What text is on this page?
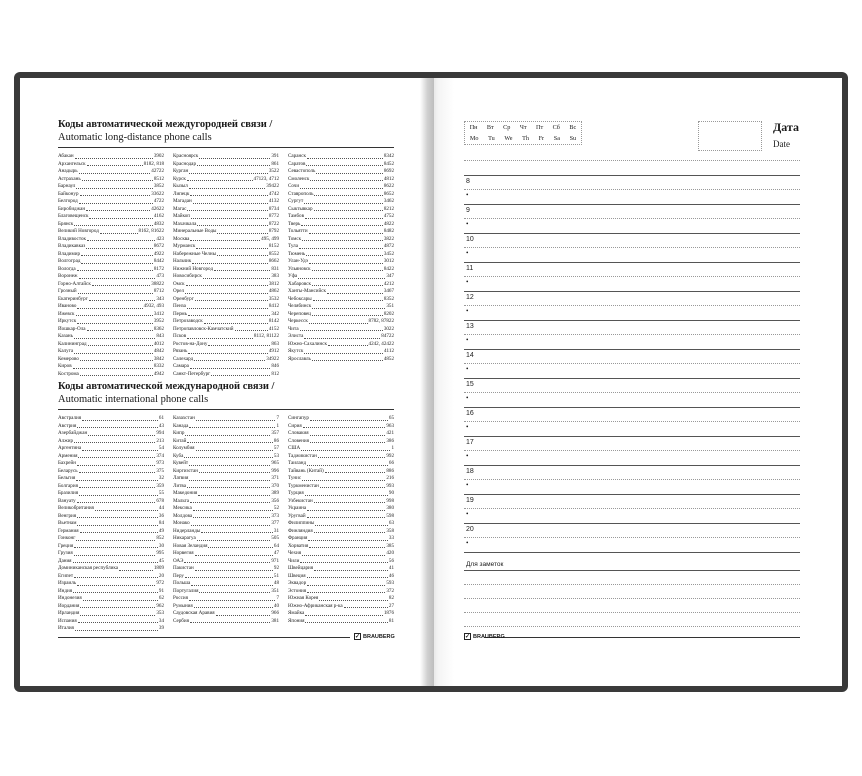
Коды автоматической междугородней связи /
Automatic long-distance phone calls
Абакан	3902
Архангельск	8182, 818
Анадырь	42722
Астрахань	8512
Барнаул	3852
Байконур	33622
Белгород	4722
Биробиджан	42622
Благовещенск	4162
Брянск	4832
Великий Новгород	8162, 81622
Владивосток	423
Владикавказ	8672
Владимир	4922
Волгоград	8442
Вологда	8172
Воронеж	473
Горно-Алтайск	38822
Грозный	8712
Екатеринбург	343
Иваново	4932, 493
Ижевск	3412
Иркутск	3952
Йошкар-Ола	8362
Казань	843
Калининград	4012
Калуга	4842
Кемерово	3842
Киров	8332
Кострома	4942
Красноярск	391
Краснодар	861
Курган	3522
Курск	47123, 4712
Кызыл	39422
Липецк	4742
Магадан	4132
Магас	8734
Майкоп	8772
Махачкала	8722
Минеральные Воды	8792
Москва	495, 499
Мурманск	8152
Набережные Челны	8552
Нальчик	8662
Нижний Новгород	831
Новосибирск	383
Омск	3812
Орел	4862
Оренбург	3532
Пенза	8412
Пермь	342
Петрозаводск	8142
Петропавловск-Камчатский	4152
Псков	8112, 81122
Ростов-на-Дону	863
Рязань	4912
Салехард	34922
Самара	846
Санкт-Петербург	812
Саранск	8342
Саратов	8452
Севастополь	8692
Смоленск	4812
Сочи	8622
Ставрополь	8652
Сургут	3462
Сыктывкар	8212
Тамбов	4752
Тверь	4822
Тольятти	8482
Томск	3822
Тула	4872
Тюмень	3452
Улан-Удэ	3012
Ульяновск	8422
Уфа	347
Хабаровск	4212
Ханты-Мансийск	3467
Чебоксары	8352
Челябинск	351
Череповец	8202
Черкесск	8782, 87822
Чита	3022
Элиста	84722
Южно-Сахалинск	4242, 42422
Якутск	4112
Ярославль	4852
Коды автоматической международной связи /
Automatic international phone calls
Австралия	61
Австрия	43
Азербайджан	994
Алжир	213
Аргентина	54
Армения	374
Бахрейн	973
Беларусь	375
Бельгия	32
Болгария	359
Бразилия	55
Вануату	678
Великобритания	44
Венгрия	36
Вьетнам	84
Германия	49
Гонконг	852
Греция	30
Грузия	995
Дания	45
Доминиканская республика	1809
Египет	20
Израиль	972
Индия	91
Индонезия	62
Иордания	962
Ирландия	353
Испания	34
Италия	39
Казахстан	7
Канада	1
Кипр	357
Китай	86
Колумбия	57
Куба	53
Кувейт	965
Киргизстан	996
Латвия	371
Литва	370
Македония	389
Мальта	356
Мексика	52
Молдова	373
Монако	377
Нидерланды	31
Никарагуа	505
Новая Зеландия	64
Норвегия	47
ОАЭ	971
Пакистан	92
Перу	51
Польша	48
Португалия	351
Россия	7
Румыния	40
Саудовская Аравия	966
Сербия	381
Сингапур	65
Сирия	963
Словакия	421
Словения	386
США	1
Таджикистан	992
Таиланд	66
Тайвань (Китай)	886
Тунис	216
Туркменистан	993
Турция	90
Узбекистан	998
Украина	380
Уругвай	598
Филиппины	63
Финляндия	358
Франция	33
Хорватия	385
Чехия	420
Чили	56
Швейцария	41
Швеция	46
Эквадор	593
Эстония	372
Южная Корея	82
Южно-Африканская р-ка	27
Ямайка	1876
Япония	81
✓ BRAUBERG
Пн Вт Ср Чт Пт Сб Вс
Mo Tu We Th Fr Sa Su
Дата
Date
8
•
9
•
10
•
11
•
12
•
13
•
14
•
15
•
16
•
17
•
18
•
19
•
20
•
Для заметок
✓ BRAUBERG
